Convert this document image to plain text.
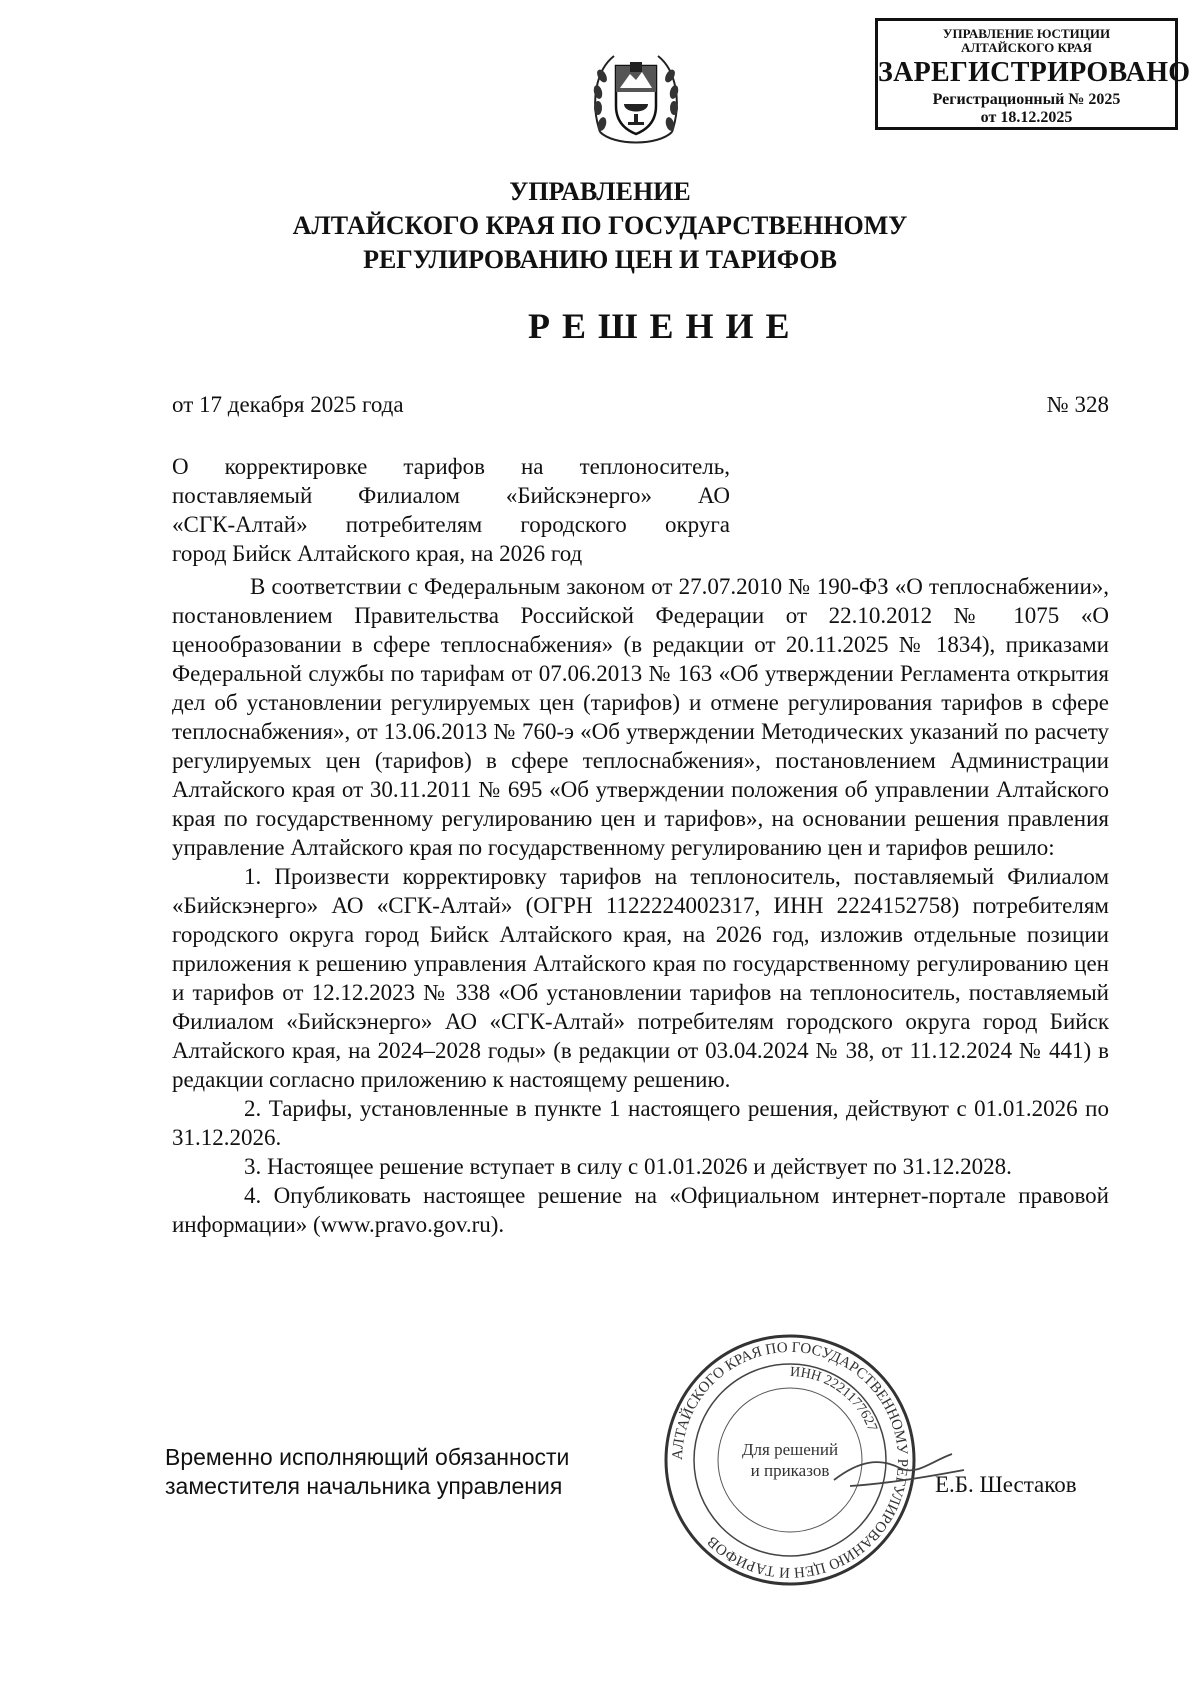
УПРАВЛЕНИЕ ЮСТИЦИИ
АЛТАЙСКОГО КРАЯ
ЗАРЕГИСТРИРОВАНО
Регистрационный № 2025
от 18.12.2025
УПРАВЛЕНИЕ
АЛТАЙСКОГО КРАЯ ПО ГОСУДАРСТВЕННОМУ
РЕГУЛИРОВАНИЮ ЦЕН И ТАРИФОВ
РЕШЕНИЕ
от 17 декабря 2025 года	№ 328
О корректировке тарифов на теплоноситель,
поставляемый Филиалом «Бийскэнерго» АО
«СГК-Алтай» потребителям городского округа
город Бийск Алтайского края, на 2026 год

В соответствии с Федеральным законом от 27.07.2010 № 190-ФЗ «О теплоснабжении», постановлением Правительства Российской Федерации от 22.10.2012 № 1075 «О ценообразовании в сфере теплоснабжения» (в редакции от 20.11.2025 № 1834), приказами Федеральной службы по тарифам от 07.06.2013 № 163 «Об утверждении Регламента открытия дел об установлении регулируемых цен (тарифов) и отмене регулирования тарифов в сфере теплоснабжения», от 13.06.2013 № 760-э «Об утверждении Методических указаний по расчету регулируемых цен (тарифов) в сфере теплоснабжения», постановлением Администрации Алтайского края от 30.11.2011 № 695 «Об утверждении положения об управлении Алтайского края по государственному регулированию цен и тарифов», на основании решения правления управление Алтайского края по государственному регулированию цен и тарифов решило:

1. Произвести корректировку тарифов на теплоноситель, поставляемый Филиалом «Бийскэнерго» АО «СГК-Алтай» (ОГРН 1122224002317, ИНН 2224152758) потребителям городского округа город Бийск Алтайского края, на 2026 год, изложив отдельные позиции приложения к решению управления Алтайского края по государственному регулированию цен и тарифов от 12.12.2023 № 338 «Об установлении тарифов на теплоноситель, поставляемый Филиалом «Бийскэнерго» АО «СГК-Алтай» потребителям городского округа город Бийск Алтайского края, на 2024–2028 годы» (в редакции от 03.04.2024 № 38, от 11.12.2024 № 441) в редакции согласно приложению к настоящему решению.

2. Тарифы, установленные в пункте 1 настоящего решения, действуют с 01.01.2026 по 31.12.2026.

3. Настоящее решение вступает в силу с 01.01.2026 и действует по 31.12.2028.

4. Опубликовать настоящее решение на «Официальном интернет-портале правовой информации» (www.pravo.gov.ru).

АЛТАЙСКОГО КРАЯ ПО ГОСУДАРСТВЕННОМУ РЕГУЛИРОВАНИЮ ЦЕН И ТАРИФОВ
ИНН 2221177627
Для решений
и приказов
Временно исполняющий обязанности
заместителя начальника управления	Е.Б. Шестаков
